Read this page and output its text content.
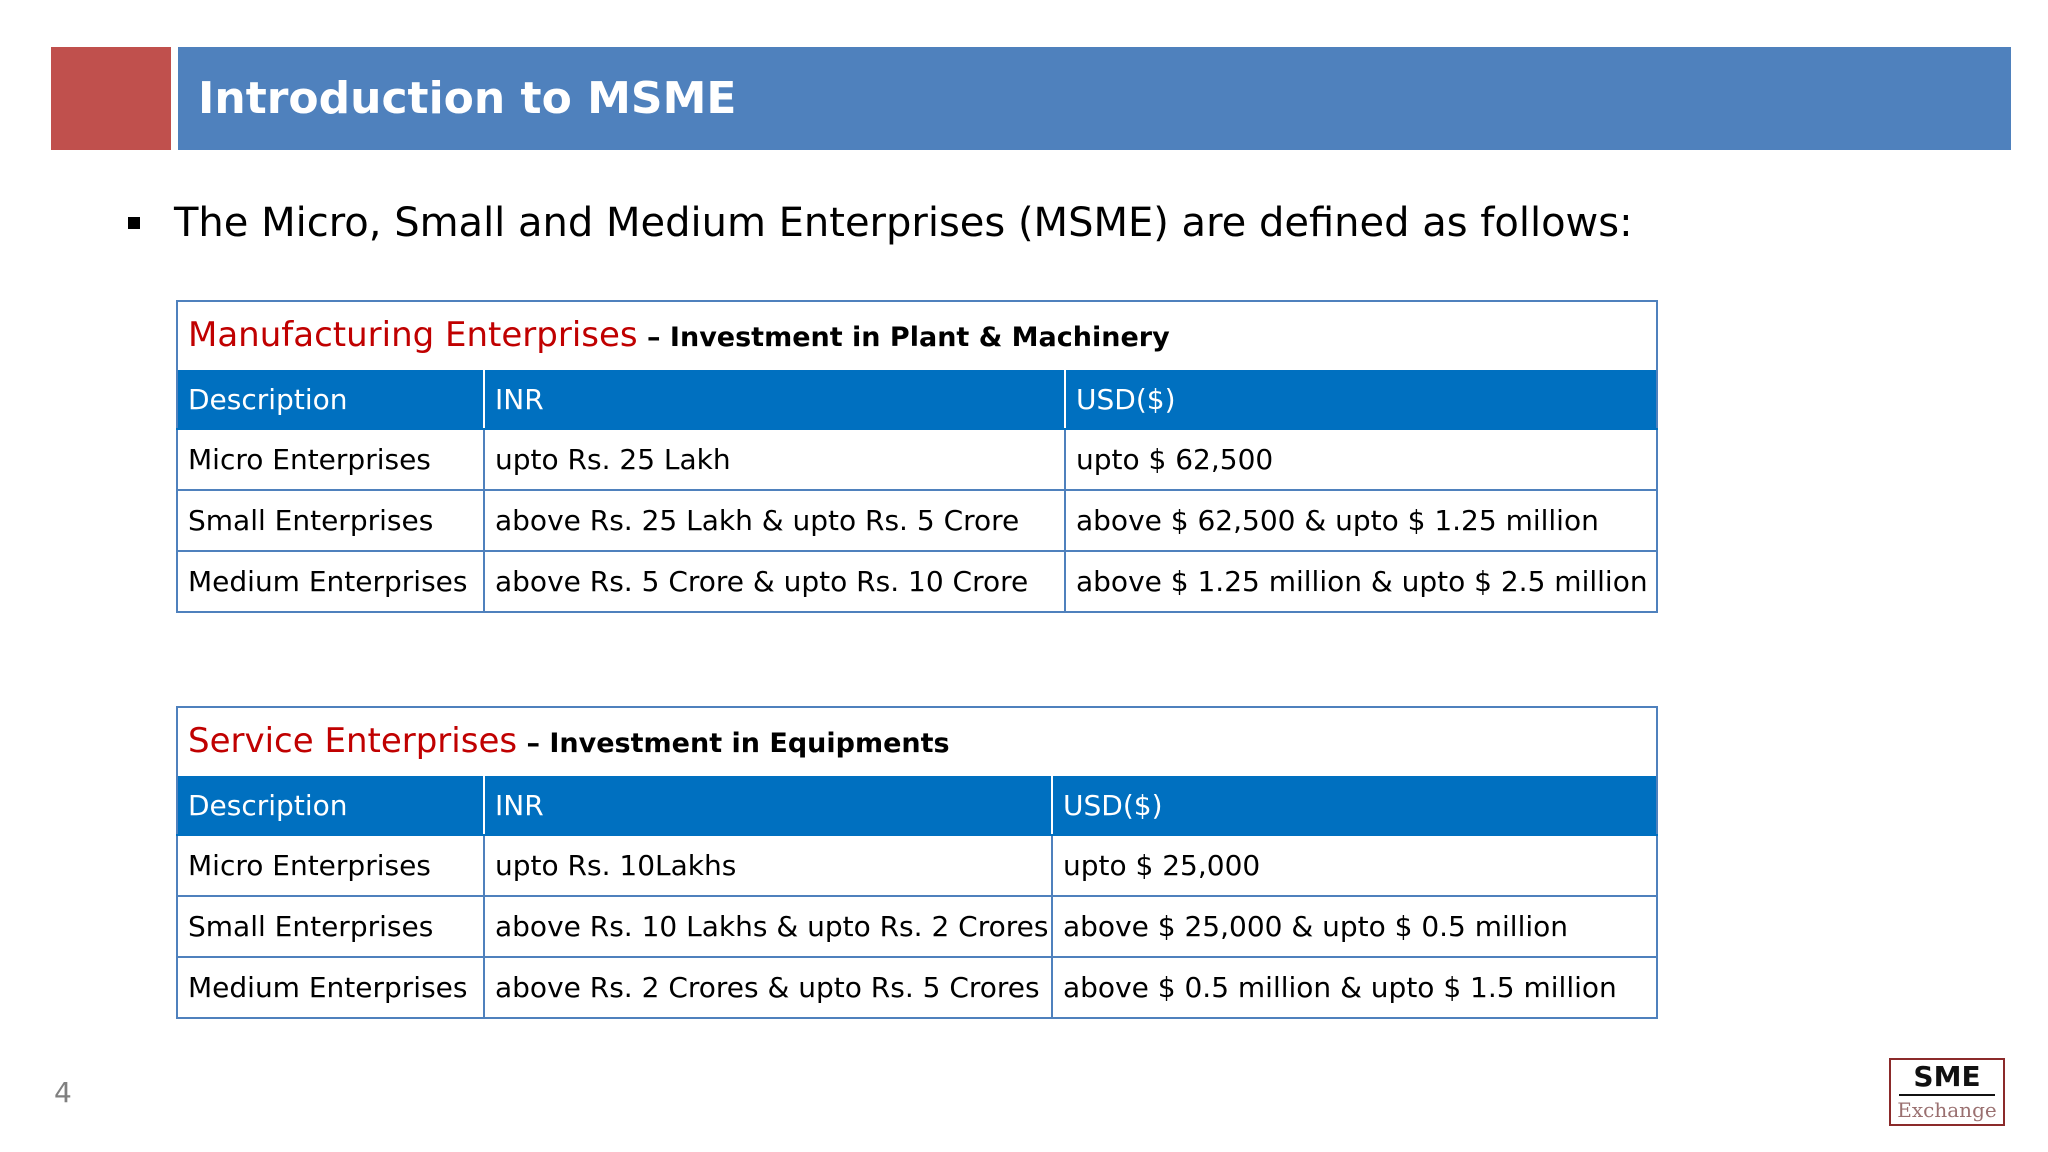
Introduction to MSME
The Micro, Small and Medium Enterprises (MSME) are defined as follows:
Manufacturing Enterprises – Investment in Plant & Machinery		
Description	INR	USD($)
Micro Enterprises	upto Rs. 25 Lakh	upto $ 62,500
Small Enterprises	above Rs. 25 Lakh & upto Rs. 5 Crore	above $ 62,500 & upto $ 1.25 million
Medium Enterprises	above Rs. 5 Crore & upto Rs. 10 Crore	above $ 1.25 million & upto $ 2.5 million
Service Enterprises – Investment in Equipments		
Description	INR	USD($)
Micro Enterprises	upto Rs. 10Lakhs	upto $ 25,000
Small Enterprises	above Rs. 10 Lakhs & upto Rs. 2 Crores	above $ 25,000 & upto $ 0.5 million
Medium Enterprises	above Rs. 2 Crores & upto Rs. 5 Crores	above $ 0.5 million & upto $ 1.5 million
4	SME
Exchange
